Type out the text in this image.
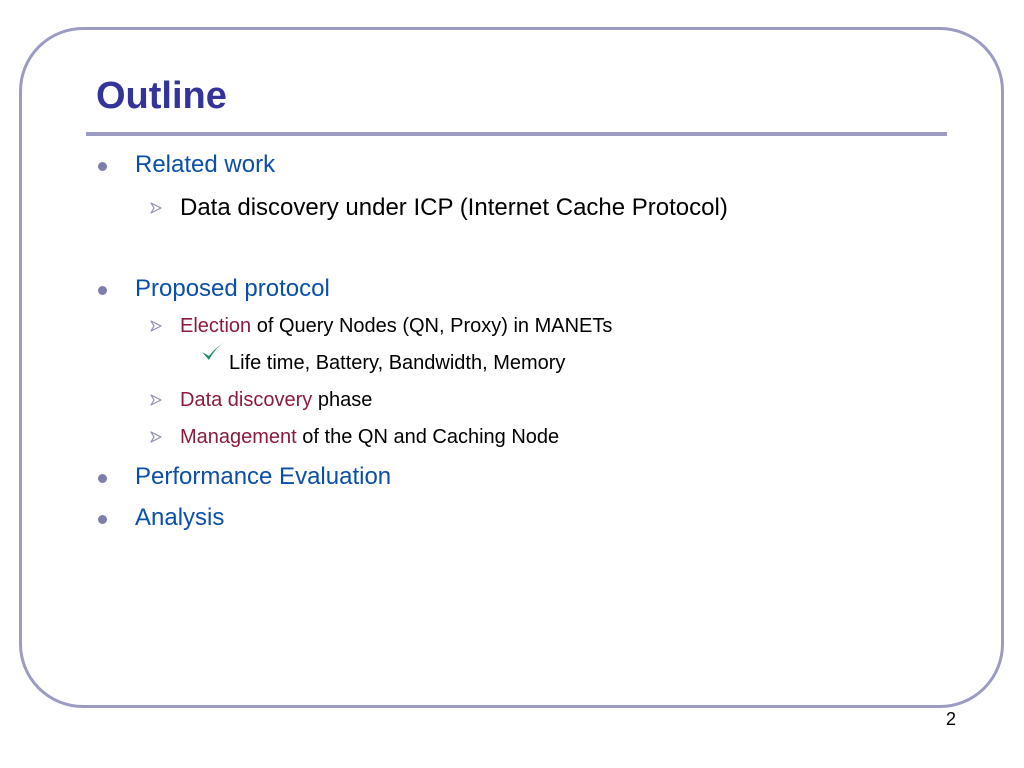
Outline
Related work
Data discovery under ICP (Internet Cache Protocol)
Proposed protocol
Election of Query Nodes (QN, Proxy) in MANETs
Life time, Battery, Bandwidth, Memory
Data discovery phase
Management of the QN and Caching Node
Performance Evaluation
Analysis
2
